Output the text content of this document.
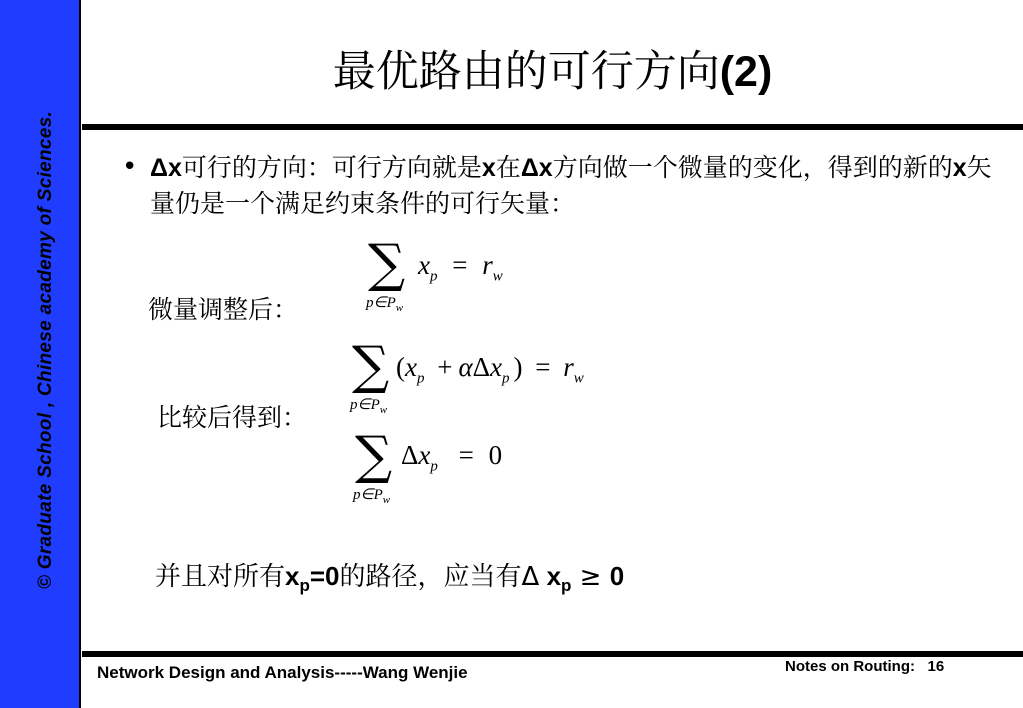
© Graduate School , Chinese academy of Sciences.
最优路由的可行方向(2)
• Δx可行的方向：可行方向就是x在Δx方向做一个微量的变化，得到的新的x矢量仍是一个满足约束条件的可行矢量：
∑
$p\in P_w$
$x_p = r_w$
微量调整后：
∑
$p\in P_w$
($x_p + \alpha\Delta x_p$ ) = $r_w$
比较后得到：
∑
$p\in P_w$
$\Delta x_p = 0$
并且对所有$x_p=0$的路径，应当有Δ $x_p \ge 0$
Network Design and Analysis-----Wang Wenjie	Notes on Routing:   16
